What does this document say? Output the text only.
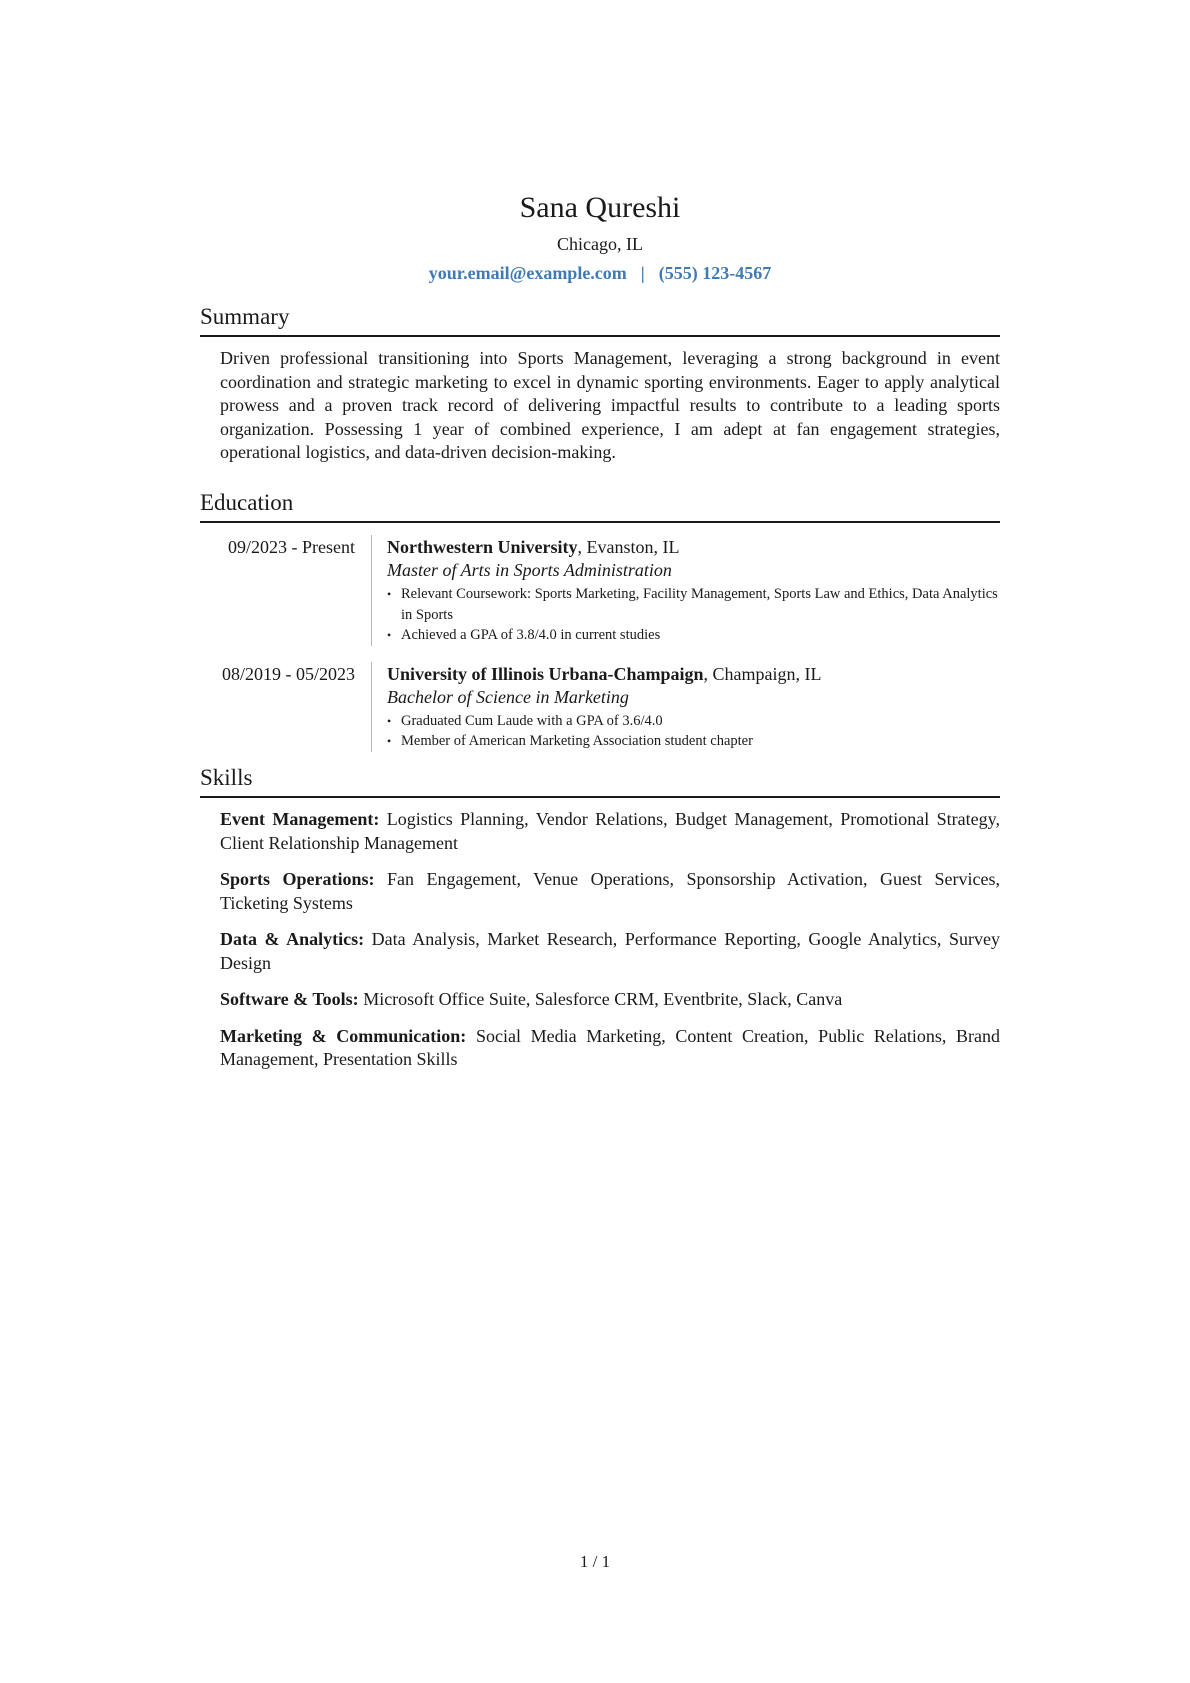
Sana Qureshi
Chicago, IL
your.email@example.com | (555) 123-4567
Summary
Driven professional transitioning into Sports Management, leveraging a strong background in event coordination and strategic marketing to excel in dynamic sporting environments. Eager to apply analytical prowess and a proven track record of delivering impactful results to contribute to a leading sports organization. Possessing 1 year of combined experience, I am adept at fan engagement strategies, operational logistics, and data-driven decision-making.
Education
09/2023 - Present	Northwestern University, Evanston, IL
Master of Arts in Sports Administration
• Relevant Coursework: Sports Marketing, Facility Management, Sports Law and Ethics, Data Analytics in Sports
• Achieved a GPA of 3.8/4.0 in current studies
08/2019 - 05/2023	University of Illinois Urbana-Champaign, Champaign, IL
Bachelor of Science in Marketing
• Graduated Cum Laude with a GPA of 3.6/4.0
• Member of American Marketing Association student chapter
Skills
Event Management: Logistics Planning, Vendor Relations, Budget Management, Promotional Strategy, Client Relationship Management
Sports Operations: Fan Engagement, Venue Operations, Sponsorship Activation, Guest Services, Ticketing Systems
Data & Analytics: Data Analysis, Market Research, Performance Reporting, Google Analytics, Survey Design
Software & Tools: Microsoft Office Suite, Salesforce CRM, Eventbrite, Slack, Canva
Marketing & Communication: Social Media Marketing, Content Creation, Public Relations, Brand Management, Presentation Skills
1 / 1
